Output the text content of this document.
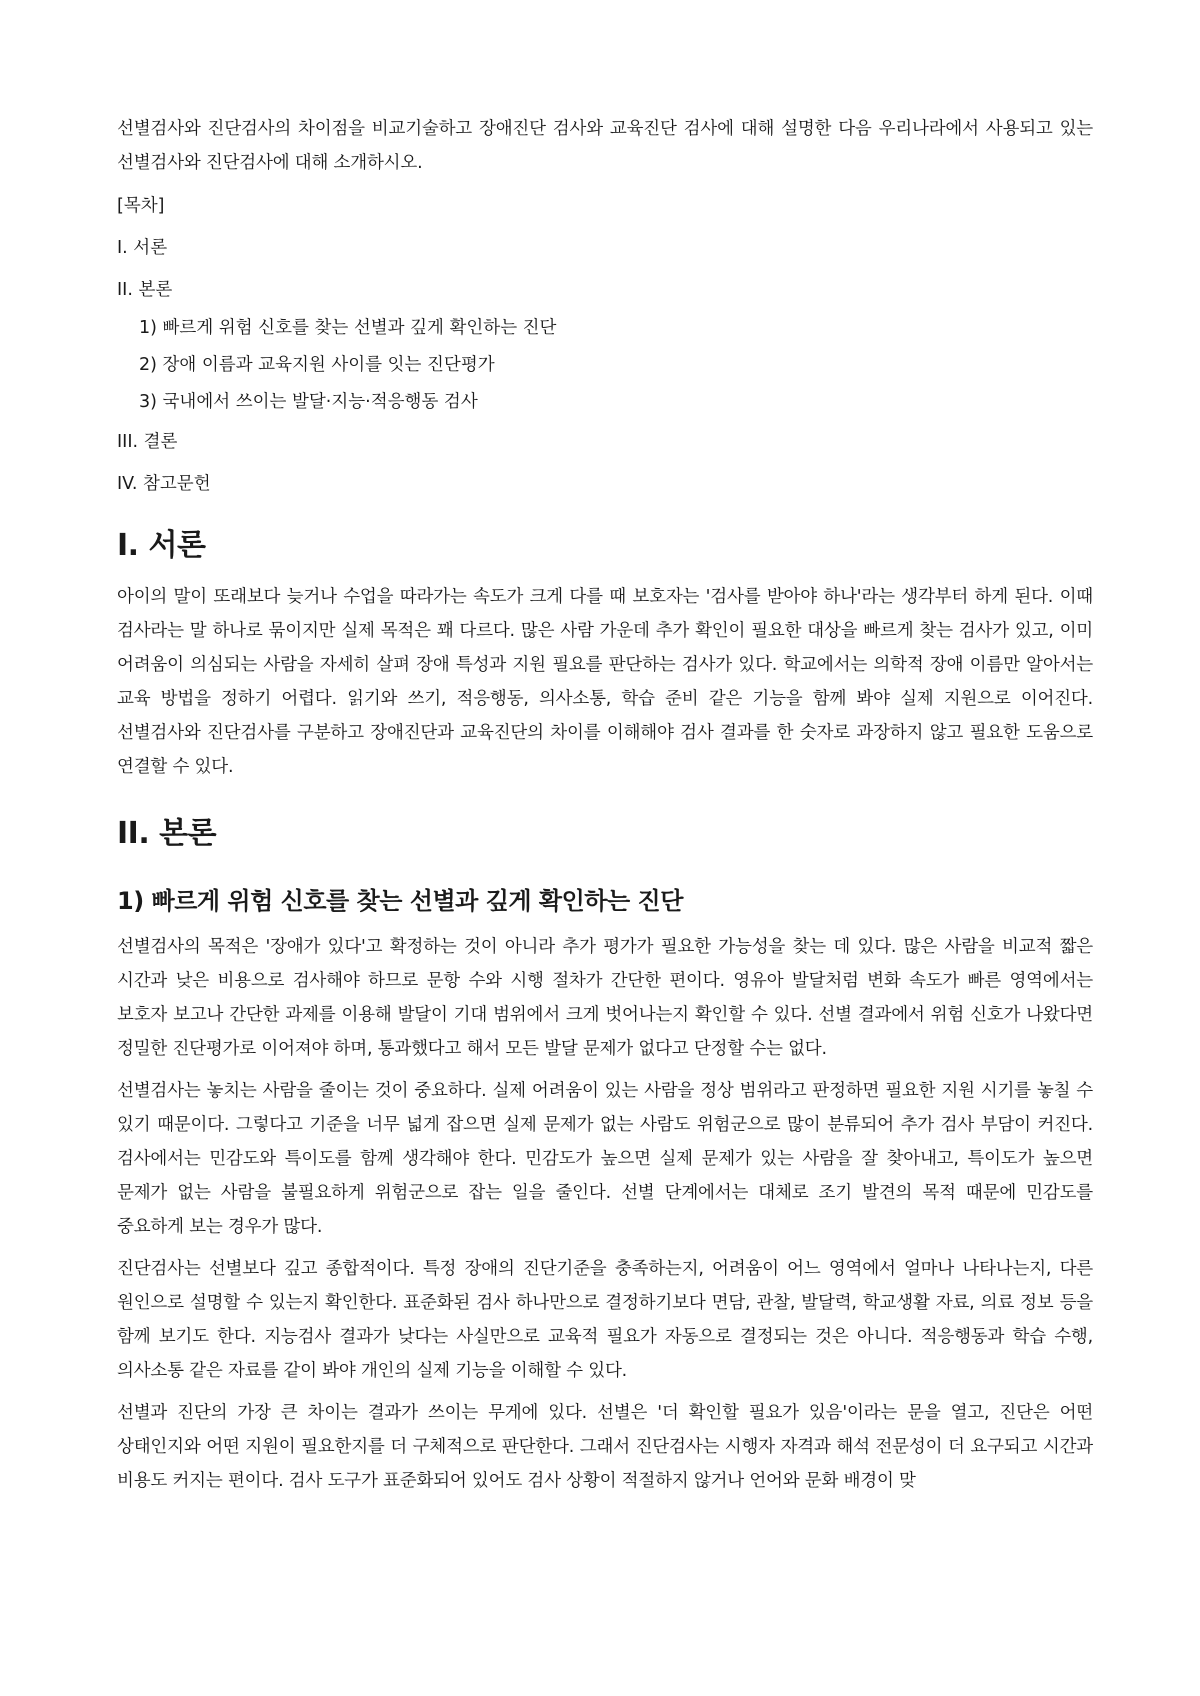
선별검사와 진단검사의 차이점을 비교기술하고 장애진단 검사와 교육진단 검사에 대해 설명한 다음 우리나라에서 사용되고 있는 선별검사와 진단검사에 대해 소개하시오.

[목차]
I. 서론
II. 본론
1) 빠르게 위험 신호를 찾는 선별과 깊게 확인하는 진단
2) 장애 이름과 교육지원 사이를 잇는 진단평가
3) 국내에서 쓰이는 발달·지능·적응행동 검사
III. 결론
IV. 참고문헌
I. 서론

아이의 말이 또래보다 늦거나 수업을 따라가는 속도가 크게 다를 때 보호자는 '검사를 받아야 하나'라는 생각부터 하게 된다. 이때 검사라는 말 하나로 묶이지만 실제 목적은 꽤 다르다. 많은 사람 가운데 추가 확인이 필요한 대상을 빠르게 찾는 검사가 있고, 이미 어려움이 의심되는 사람을 자세히 살펴 장애 특성과 지원 필요를 판단하는 검사가 있다. 학교에서는 의학적 장애 이름만 알아서는 교육 방법을 정하기 어렵다. 읽기와 쓰기, 적응행동, 의사소통, 학습 준비 같은 기능을 함께 봐야 실제 지원으로 이어진다. 선별검사와 진단검사를 구분하고 장애진단과 교육진단의 차이를 이해해야 검사 결과를 한 숫자로 과장하지 않고 필요한 도움으로 연결할 수 있다.

II. 본론
1) 빠르게 위험 신호를 찾는 선별과 깊게 확인하는 진단

선별검사의 목적은 '장애가 있다'고 확정하는 것이 아니라 추가 평가가 필요한 가능성을 찾는 데 있다. 많은 사람을 비교적 짧은 시간과 낮은 비용으로 검사해야 하므로 문항 수와 시행 절차가 간단한 편이다. 영유아 발달처럼 변화 속도가 빠른 영역에서는 보호자 보고나 간단한 과제를 이용해 발달이 기대 범위에서 크게 벗어나는지 확인할 수 있다. 선별 결과에서 위험 신호가 나왔다면 정밀한 진단평가로 이어져야 하며, 통과했다고 해서 모든 발달 문제가 없다고 단정할 수는 없다.

선별검사는 놓치는 사람을 줄이는 것이 중요하다. 실제 어려움이 있는 사람을 정상 범위라고 판정하면 필요한 지원 시기를 놓칠 수 있기 때문이다. 그렇다고 기준을 너무 넓게 잡으면 실제 문제가 없는 사람도 위험군으로 많이 분류되어 추가 검사 부담이 커진다. 검사에서는 민감도와 특이도를 함께 생각해야 한다. 민감도가 높으면 실제 문제가 있는 사람을 잘 찾아내고, 특이도가 높으면 문제가 없는 사람을 불필요하게 위험군으로 잡는 일을 줄인다. 선별 단계에서는 대체로 조기 발견의 목적 때문에 민감도를 중요하게 보는 경우가 많다.

진단검사는 선별보다 깊고 종합적이다. 특정 장애의 진단기준을 충족하는지, 어려움이 어느 영역에서 얼마나 나타나는지, 다른 원인으로 설명할 수 있는지 확인한다. 표준화된 검사 하나만으로 결정하기보다 면담, 관찰, 발달력, 학교생활 자료, 의료 정보 등을 함께 보기도 한다. 지능검사 결과가 낮다는 사실만으로 교육적 필요가 자동으로 결정되는 것은 아니다. 적응행동과 학습 수행, 의사소통 같은 자료를 같이 봐야 개인의 실제 기능을 이해할 수 있다.

선별과 진단의 가장 큰 차이는 결과가 쓰이는 무게에 있다. 선별은 '더 확인할 필요가 있음'이라는 문을 열고, 진단은 어떤 상태인지와 어떤 지원이 필요한지를 더 구체적으로 판단한다. 그래서 진단검사는 시행자 자격과 해석 전문성이 더 요구되고 시간과 비용도 커지는 편이다. 검사 도구가 표준화되어 있어도 검사 상황이 적절하지 않거나 언어와 문화 배경이 맞
